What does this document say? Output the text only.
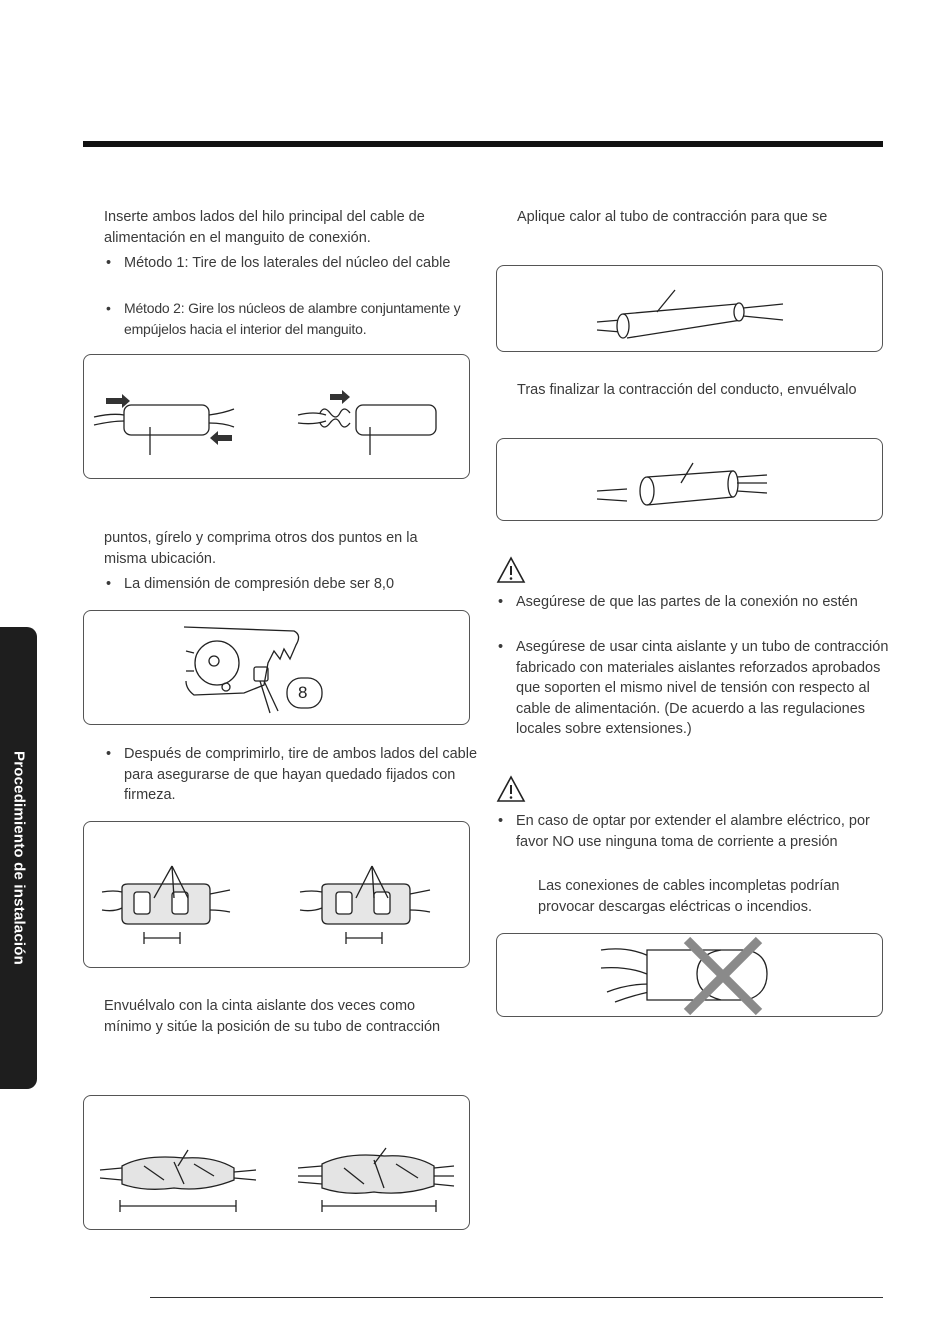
Procedimiento de instalación
Inserte ambos lados del hilo principal del cable de alimentación en el manguito de conexión.
• Método 1: Tire de los laterales del núcleo del cable
• Método 2: Gire los núcleos de alambre conjuntamente y empújelos hacia el interior del manguito.
puntos, gírelo y comprima otros dos puntos en la misma ubicación.
• La dimensión de compresión debe ser 8,0
8
• Después de comprimirlo, tire de ambos lados del cable para asegurarse de que hayan quedado fijados con firmeza.
Envuélvalo con la cinta aislante dos veces como mínimo y sitúe la posición de su tubo de contracción
Aplique calor al tubo de contracción para que se
Tras finalizar la contracción del conducto, envuélvalo
• Asegúrese de que las partes de la conexión no estén
• Asegúrese de usar cinta aislante y un tubo de contracción fabricado con materiales aislantes reforzados aprobados que soporten el mismo nivel de tensión con respecto al cable de alimentación. (De acuerdo a las regulaciones locales sobre extensiones.)
• En caso de optar por extender el alambre eléctrico, por favor NO use ninguna toma de corriente a presión
Las conexiones de cables incompletas podrían provocar descargas eléctricas o incendios.
